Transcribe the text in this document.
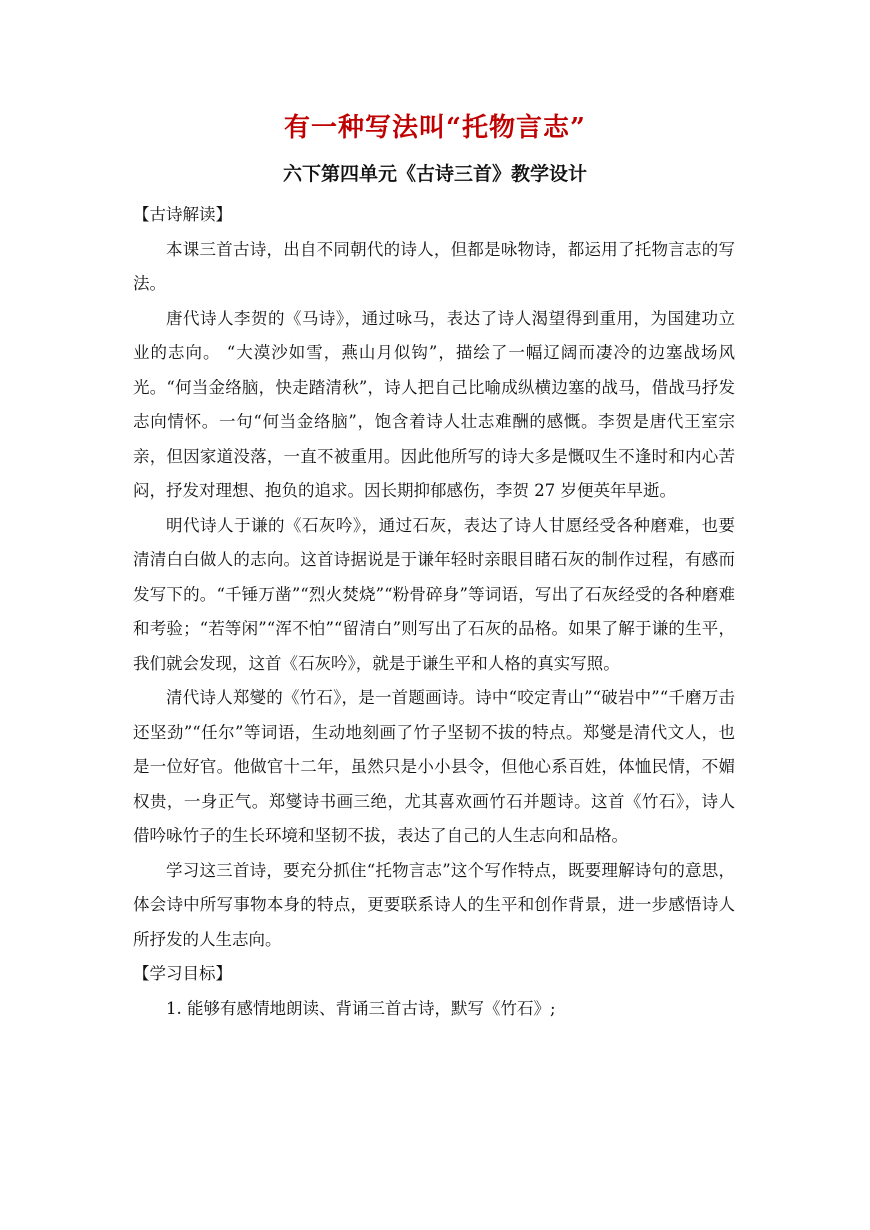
有一种写法叫“托物言志”
六下第四单元《古诗三首》教学设计

【古诗解读】

本课三首古诗，出自不同朝代的诗人，但都是咏物诗，都运用了托物言志的写法。

唐代诗人李贺的《马诗》，通过咏马，表达了诗人渴望得到重用，为国建功立业的志向。 “大漠沙如雪，燕山月似钩”，描绘了一幅辽阔而凄冷的边塞战场风光。“何当金络脑，快走踏清秋”，诗人把自己比喻成纵横边塞的战马，借战马抒发志向情怀。一句“何当金络脑”，饱含着诗人壮志难酬的感慨。李贺是唐代王室宗亲，但因家道没落，一直不被重用。因此他所写的诗大多是慨叹生不逢时和内心苦闷，抒发对理想、抱负的追求。因长期抑郁感伤，李贺 27 岁便英年早逝。

明代诗人于谦的《石灰吟》，通过石灰，表达了诗人甘愿经受各种磨难，也要清清白白做人的志向。这首诗据说是于谦年轻时亲眼目睹石灰的制作过程，有感而发写下的。“千锤万凿”“烈火焚烧”“粉骨碎身”等词语，写出了石灰经受的各种磨难和考验；“若等闲”“浑不怕”“留清白”则写出了石灰的品格。如果了解于谦的生平，我们就会发现，这首《石灰吟》，就是于谦生平和人格的真实写照。

清代诗人郑燮的《竹石》，是一首题画诗。诗中“咬定青山”“破岩中”“千磨万击还坚劲”“任尔”等词语，生动地刻画了竹子坚韧不拔的特点。郑燮是清代文人，也是一位好官。他做官十二年，虽然只是小小县令，但他心系百姓，体恤民情，不媚权贵，一身正气。郑燮诗书画三绝，尤其喜欢画竹石并题诗。这首《竹石》，诗人借吟咏竹子的生长环境和坚韧不拔，表达了自己的人生志向和品格。

学习这三首诗，要充分抓住“托物言志”这个写作特点，既要理解诗句的意思，体会诗中所写事物本身的特点，更要联系诗人的生平和创作背景，进一步感悟诗人所抒发的人生志向。

【学习目标】

1. 能够有感情地朗读、背诵三首古诗，默写《竹石》;
